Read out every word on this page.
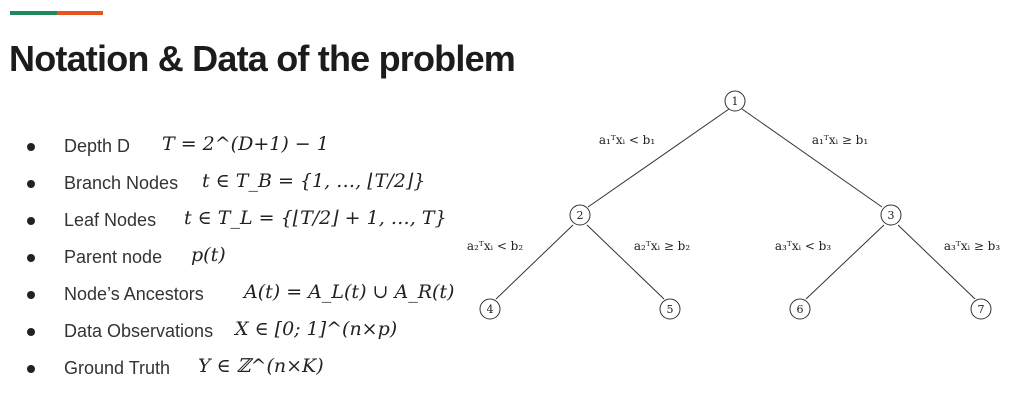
Notation & Data of the problem
Depth D T = 2^(D+1) − 1
Branch Nodes t ∈ T_B = {1, …, ⌊T/2⌋}
Leaf Nodes t ∈ T_L = {⌊T/2⌋ + 1, …, T}
Parent node p(t)
Node’s Ancestors A(t) = A_L(t) ∪ A_R(t)
Data Observations X ∈ [0; 1]^(n×p)
Ground Truth Y ∈ ℤ^(n×K)
1
2	3
4	5	6	7
a₁ᵀxᵢ < b₁	a₁ᵀxᵢ ≥ b₁
a₂ᵀxᵢ < b₂	a₂ᵀxᵢ ≥ b₂	a₃ᵀxᵢ < b₃	a₃ᵀxᵢ ≥ b₃
